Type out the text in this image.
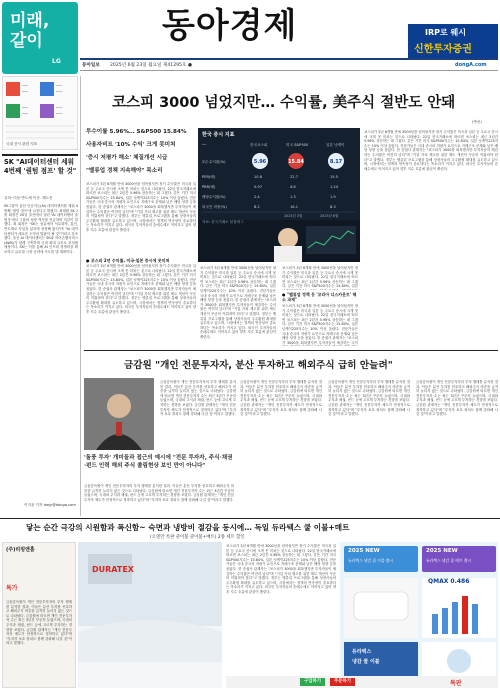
미래,
같이
LG
동아경제	IRP로 웨시
신한투자증권
동아일보 2025년 6월 23일 월요일 제41295호 ●	dongA.com
───
───
───
───
───
───
───
───
국내 증시 관련 지표
SK "AI데이터센터 세워 4번째 '퀀텀 점프' 할 것"
유하··이동·반도체 이준 .제도진
SK그룹이 울산 인공지능(AI) 데이터센터를 세워 4번째 '퀀텀 점프'에 나선다고 밝혔다. 최태원 SK그룹 회장은 20일 울산에서 열린 'AI 데이터센터 출범식'에서 그룹의 성장 역사를 언급하며 이같이 말했다. 최 회장은 "SK는 섬유에서 석유화학, 통신, 반도체로 사업을 넓히며 성장해 왔다"며 "AI 데이터센터가 새로운 도약의 발판이 될 것"이라고 강조했다. 울산 AI 데이터센터는 SK와 아마존웹서비스(AWS)가 함께 구축하며 국내 최대 규모로 조성될 예정이다. SK는 이를 통해 AI 인프라 경쟁력을 확보하고 글로벌 시장 공략에 속도를 낼 계획이다.
이지윤 기자 leejy@donga.com
코스피 3000 넘었지만… 수익률, 美주식 절반도 안돼
(박선)
투수이률 5.96%… S&P500 15.84%
사용자비트 '10% 수익' 크게 못미쳐
'증시 저평가 해소' 체질개선 시급
"밸류업 정책 지속해야" 목소리
코스피가 3년 6개월 만에 3000선을 넘어섰지만 장기 수익률은 미국과 일본 등 주요국 증시에 크게 못 미치는 것으로 나타났다. 22일 한국거래소에 따르면 코스피는 최근 2년간 5.96% 상승하는 데 그쳤다. 같은 기간 미국 S&P500지수는 15.84%, 일본 닛케이225지수는 10% 이상 올랐다. 전문가들은 국내 증시의 저평가 요인으로 지배구조 문제와 낮은 배당 성향 등을 꼽았다. 한 증권사 관계자는 "코스피가 3000을 회복했지만 투자자들이 체감하는 수익률은 여전히 낮다"며 "기업 가치 제고를 위한 제도 개선이 꾸준히 이뤄져야 한다"고 말했다. 정부는 밸류업 프로그램을 통해 상장사들의 주주환원 확대를 유도하고 있으며, 시장에서는 정책의 연속성이 중요하다는 목소리가 커지고 있다. 외국인 투자자들의 순매수세도 이어지고 있어 향후 지수 흐름에 관심이 쏠린다.
● 코스피 2년 수익률, 미국·일본 증시에 못미쳐
코스피가 3년 6개월 만에 3000선을 넘어섰지만 장기 수익률은 미국과 일본 등 주요국 증시에 크게 못 미치는 것으로 나타났다. 22일 한국거래소에 따르면 코스피는 최근 2년간 5.96% 상승하는 데 그쳤다. 같은 기간 미국 S&P500지수는 15.84%, 일본 닛케이225지수는 10% 이상 올랐다. 전문가들은 국내 증시의 저평가 요인으로 지배구조 문제와 낮은 배당 성향 등을 꼽았다. 한 증권사 관계자는 "코스피가 3000을 회복했지만 투자자들이 체감하는 수익률은 여전히 낮다"며 "기업 가치 제고를 위한 제도 개선이 꾸준히 이뤄져야 한다"고 말했다. 정부는 밸류업 프로그램을 통해 상장사들의 주주환원 확대를 유도하고 있으며, 시장에서는 정책의 연속성이 중요하다는 목소리가 커지고 있다. 외국인 투자자들의 순매수세도 이어지고 있어 향후 지수 흐름에 관심이 쏠린다.
한국 증시 지표
──	한국코스피	미국 S&P500	일본 닛케이
5.96	15.84	8.17
2년 수익률(%)
PER(배)	10.8	22.7	15.5
PBR(배)	0.97	4.6	1.24
배당수익률(%)	2.4	1.3	1.9
외국인 비중(%)	8.2	16.1	8.3
2025년 3월	2025년 6월
자료: 한국거래소 블룸버그
코스피가 3년 6개월 만에 3000선을 넘어섰지만 장기 수익률은 미국과 일본 등 주요국 증시에 크게 못 미치는 것으로 나타났다. 22일 한국거래소에 따르면 코스피는 최근 2년간 5.96% 상승하는 데 그쳤다. 같은 기간 미국 S&P500지수는 15.84%, 일본 닛케이225지수는 10% 이상 올랐다. 전문가들은 국내 증시의 저평가 요인으로 지배구조 문제와 낮은 배당 성향 등을 꼽았다. 한 증권사 관계자는 "코스피가 3000을 회복했지만 투자자들이 체감하는 수익률은 여전히 낮다"며 "기업 가치 제고를 위한 제도 개선이 꾸준히 이뤄져야 한다"고 말했다. 정부는 밸류업 프로그램을 통해 상장사들의 주주환원 확대를 유도하고 있으며, 시장에서는 정책의 연속성이 중요하다는 목소리가 커지고 있다. 외국인 투자자들의 순매수세도 이어지고 있어 향후 지수 흐름에 관심이 쏠린다.
코스피가 3년 6개월 만에 3000선을 넘어섰지만 장기 수익률은 미국과 일본 등 주요국 증시에 크게 못 미치는 것으로 나타났다. 22일 한국거래소에 따르면 코스피는 최근 2년간 5.96% 상승하는 데 그쳤다. 같은 기간 미국 S&P500지수는 15.84%, 일본
● "밸류업 정책 등 '코리아 디스카운트' 해소 과제"
코스피가 3년 6개월 만에 3000선을 넘어섰지만 장기 수익률은 미국과 일본 등 주요국 증시에 크게 못 미치는 것으로 나타났다. 22일 한국거래소에 따르면 코스피는 최근 2년간 5.96% 상승하는 데 그쳤다. 같은 기간 미국 S&P500지수는 15.84%, 일본 닛케이225지수는 10% 이상 올랐다. 전문가들은 국내 증시의 저평가 요인으로 지배구조 문제와 낮은 배당 성향 등을 꼽았다. 한 증권사 관계자는 "코스피가 3000을 회복했지만 투자자들이 체감하는 수익
코스피가 3년 6개월 만에 3000선을 넘어섰지만 장기 수익률은 미국과 일본 등 주요국 증시에 크게 못 미치는 것으로 나타났다. 22일 한국거래소에 따르면 코스피는 최근 2년간 5.96% 상승하는 데 그쳤다. 같은 기간 미국 S&P500지수는 15.84%, 일본 닛케이225지수는 10% 이상 올랐다. 전문가들은 국내 증시의 저평가 요인으로 지배구조 문제와 낮은 배당 성향 등을 꼽았다. 한 증권사 관계자는 "코스피가 3000을 회복했지만 투자자들이 체감하는 수익률은 여전히 낮다"며 "기업 가치 제고를 위한 제도 개선이 꾸준히 이뤄져야 한다"고 말했다. 정부는 밸류업 프로그램을 통해 상장사들의 주주환원 확대를 유도하고 있으며, 시장에서는 정책의 연속성이 중요하다는 목소리가 커지고 있다. 외국인 투자자들의 순매수세도 이어지고 있어 향후 지수 흐름에 관심이 쏠린다.
금감원 "개인 전문투자자, 분산 투자하고 해외주식 급히 안늘려"
'돌풍 투자' 개미들과 접근의 예시에 "전문 투자자, 주식·채권·펀드 인력 해외 주식 쏠림현상 보인 만이 아니다"
금융감독원이 개인 전문투자자의 투자 행태를 분석한 결과, 이들은 분산 투자를 선호하고 해외주식 비중을 급격히 늘리지 않는 것으로 나타났다. 금감원에 따르면 개인 전문투자자 수는 최근 3년간 꾸준히 늘었으며, 국내외 주식과 채권, 펀드 등에 고르게 투자하는 경향을 보였다. 금감원 관계자는 "개인 전문투자자 제도가 안정적으로 정착하고 있다"며 "투자자 보호 장치도 함께 강화해 나갈 것"이라고 말했다.
금융감독원이 개인 전문투자자의 투자 행태를 분석한 결과, 이들은 분산 투자를 선호하고 해외주식 비중을 급격히 늘리지 않는 것으로 나타났다. 금감원에 따르면 개인 전문투자자 수는 최근 3년간 꾸준히 늘었으며, 국내외 주식과 채권, 펀드 등에 고르게 투자하는 경향을 보였다. 금감원 관계자는 "개인 전문투자자 제도가 안정적으로 정착하고 있다"며 "투자자 보호 장치도 함께 강화해 나갈 것"이라고 말했다.
금융감독원이 개인 전문투자자의 투자 행태를 분석한 결과, 이들은 분산 투자를 선호하고 해외주식 비중을 급격히 늘리지 않는 것으로 나타났다. 금감원에 따르면 개인 전문투자자 수는 최근 3년간 꾸준히 늘었으며, 국내외 주식과 채권, 펀드 등에 고르게 투자하는 경향을 보였다. 금감원 관계자는 "개인 전문투자자 제도가 안정적으로 정착하고 있다"며 "투자자 보호 장치도 함께 강화해 나갈 것"이라고 말했다.
금융감독원이 개인 전문투자자의 투자 행태를 분석한 결과, 이들은 분산 투자를 선호하고 해외주식 비중을 급격히 늘리지 않는 것으로 나타났다. 금감원에 따르면 개인 전문투자자 수는 최근 3년간 꾸준히 늘었으며, 국내외 주식과 채권, 펀드 등에 고르게 투자하는 경향을 보였다. 금감원 관계자는 "개인 전문투자자 제도가 안정적으로 정착하고 있다"며 "투자자 보호 장치도 함께 강화해 나갈 것"이라고 말했다.
금융감독원이 개인 전문투자자의 투자 행태를 분석한 결과, 이들은 분산 투자를 선호하고 해외주식 비중을 급격히 늘리지 않는 것으로 나타났다. 금감원에 따르면 개인 전문투자자 수는 최근 3년간 꾸준히 늘었으며, 국내외 주식과 채권, 펀드 등에 고르게 투자하는 경향을 보였다. 금감원 관계자는 "개인 전문투자자 제도가 안정적으로 정착하고 있다"며 "투자자 보호 장치도 함께 강화해 나갈 것"이라고 말했다.
닿는 순간 극강의 시원함과 폭신함~ 숙면과 냉방비 절감을 동시에… 독일 듀라텍스 쿨 이불+매트
(오덴만 특판 쿨이불 쿨이불+매트) 2종 세트 할인
(주)리빙앤홈
특가
금융감독원이 개인 전문투자자의 투자 행태를 분석한 결과, 이들은 분산 투자를 선호하고 해외주식 비중을 급격히 늘리지 않는 것으로 나타났다. 금감원에 따르면 개인 전문투자자 수는 최근 3년간 꾸준히 늘었으며, 국내외 주식과 채권, 펀드 등에 고르게 투자하는 경향을 보였다. 금감원 관계자는 "개인 전문투자자 제도가 안정적으로 정착하고 있다"며 "투자자 보호 장치도 함께 강화해 나갈 것"이라고 말했다.
DURATEX
코스피가 3년 6개월 만에 3000선을 넘어섰지만 장기 수익률은 미국과 일본 등 주요국 증시에 크게 못 미치는 것으로 나타났다. 22일 한국거래소에 따르면 코스피는 최근 2년간 5.96% 상승하는 데 그쳤다. 같은 기간 미국 S&P500지수는 15.84%, 일본 닛케이225지수는 10% 이상 올랐다. 전문가들은 국내 증시의 저평가 요인으로 지배구조 문제와 낮은 배당 성향 등을 꼽았다. 한 증권사 관계자는 "코스피가 3000을 회복했지만 투자자들이 체감하는 수익률은 여전히 낮다"며 "기업 가치 제고를 위한 제도 개선이 꾸준히 이뤄져야 한다"고 말했다. 정부는 밸류업 프로그램을 통해 상장사들의 주주환원 확대를 유도하고 있으며, 시장에서는 정책의 연속성이 중요하다는 목소리가 커지고 있다. 외국인 투자자들의 순매수세도 이어지고 있어 향후 지수 흐름에 관심이 쏠린다.
2025 NEW
듀라텍스 냉감 쿨 이불 출시
2025 NEW
듀라텍스 냉감 쿨 매트 출시
QMAX 0.486
듀라텍스
냉감 쿨 이불
구입하기	주문하기	특판
